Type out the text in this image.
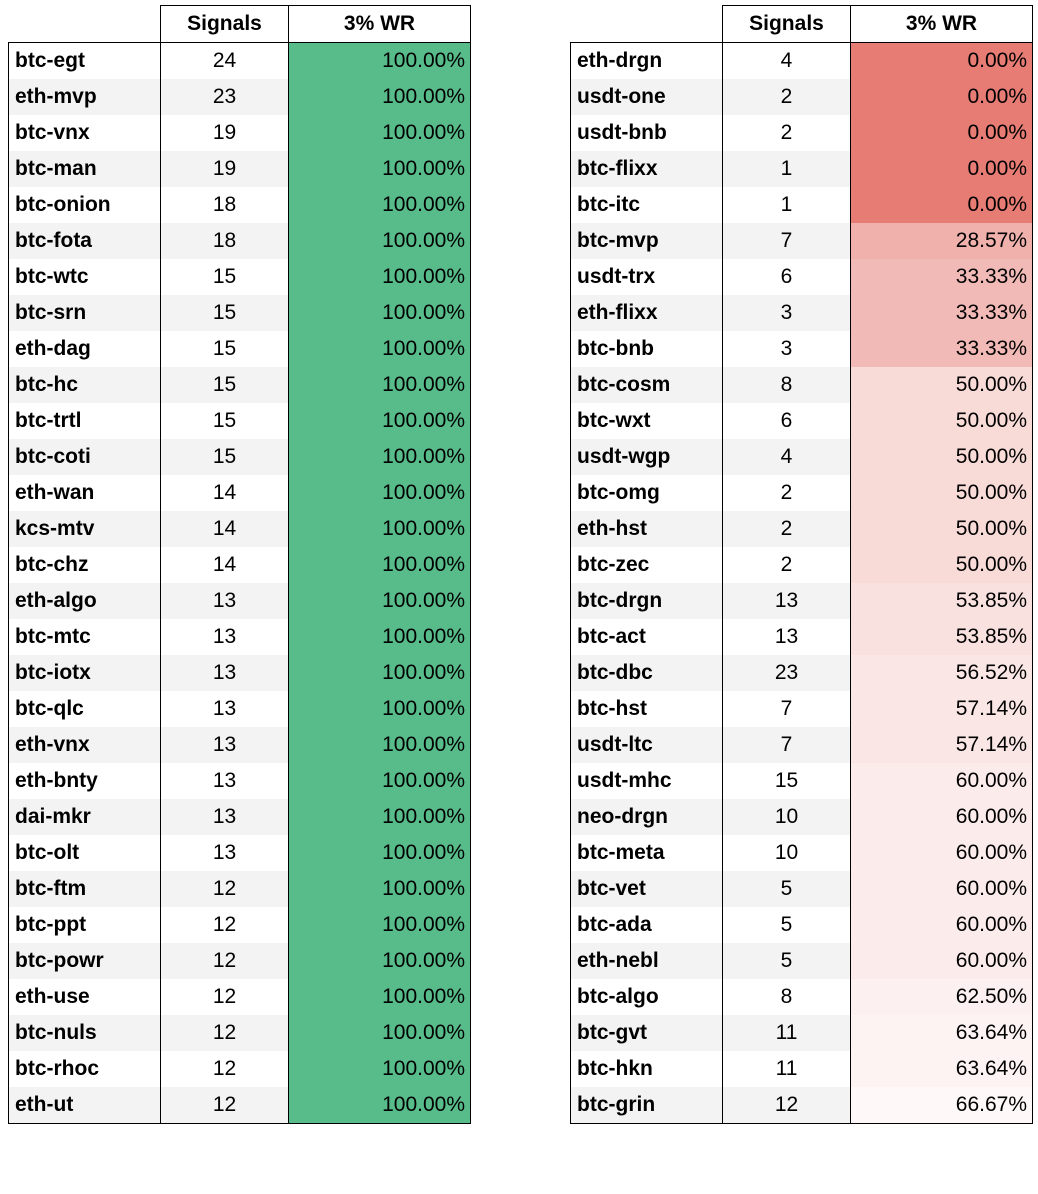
	Signals	3% WR
btc-egt	24	100.00%
eth-mvp	23	100.00%
btc-vnx	19	100.00%
btc-man	19	100.00%
btc-onion	18	100.00%
btc-fota	18	100.00%
btc-wtc	15	100.00%
btc-srn	15	100.00%
eth-dag	15	100.00%
btc-hc	15	100.00%
btc-trtl	15	100.00%
btc-coti	15	100.00%
eth-wan	14	100.00%
kcs-mtv	14	100.00%
btc-chz	14	100.00%
eth-algo	13	100.00%
btc-mtc	13	100.00%
btc-iotx	13	100.00%
btc-qlc	13	100.00%
eth-vnx	13	100.00%
eth-bnty	13	100.00%
dai-mkr	13	100.00%
btc-olt	13	100.00%
btc-ftm	12	100.00%
btc-ppt	12	100.00%
btc-powr	12	100.00%
eth-use	12	100.00%
btc-nuls	12	100.00%
btc-rhoc	12	100.00%
eth-ut	12	100.00%
	Signals	3% WR
eth-drgn	4	0.00%
usdt-one	2	0.00%
usdt-bnb	2	0.00%
btc-flixx	1	0.00%
btc-itc	1	0.00%
btc-mvp	7	28.57%
usdt-trx	6	33.33%
eth-flixx	3	33.33%
btc-bnb	3	33.33%
btc-cosm	8	50.00%
btc-wxt	6	50.00%
usdt-wgp	4	50.00%
btc-omg	2	50.00%
eth-hst	2	50.00%
btc-zec	2	50.00%
btc-drgn	13	53.85%
btc-act	13	53.85%
btc-dbc	23	56.52%
btc-hst	7	57.14%
usdt-ltc	7	57.14%
usdt-mhc	15	60.00%
neo-drgn	10	60.00%
btc-meta	10	60.00%
btc-vet	5	60.00%
btc-ada	5	60.00%
eth-nebl	5	60.00%
btc-algo	8	62.50%
btc-gvt	11	63.64%
btc-hkn	11	63.64%
btc-grin	12	66.67%
